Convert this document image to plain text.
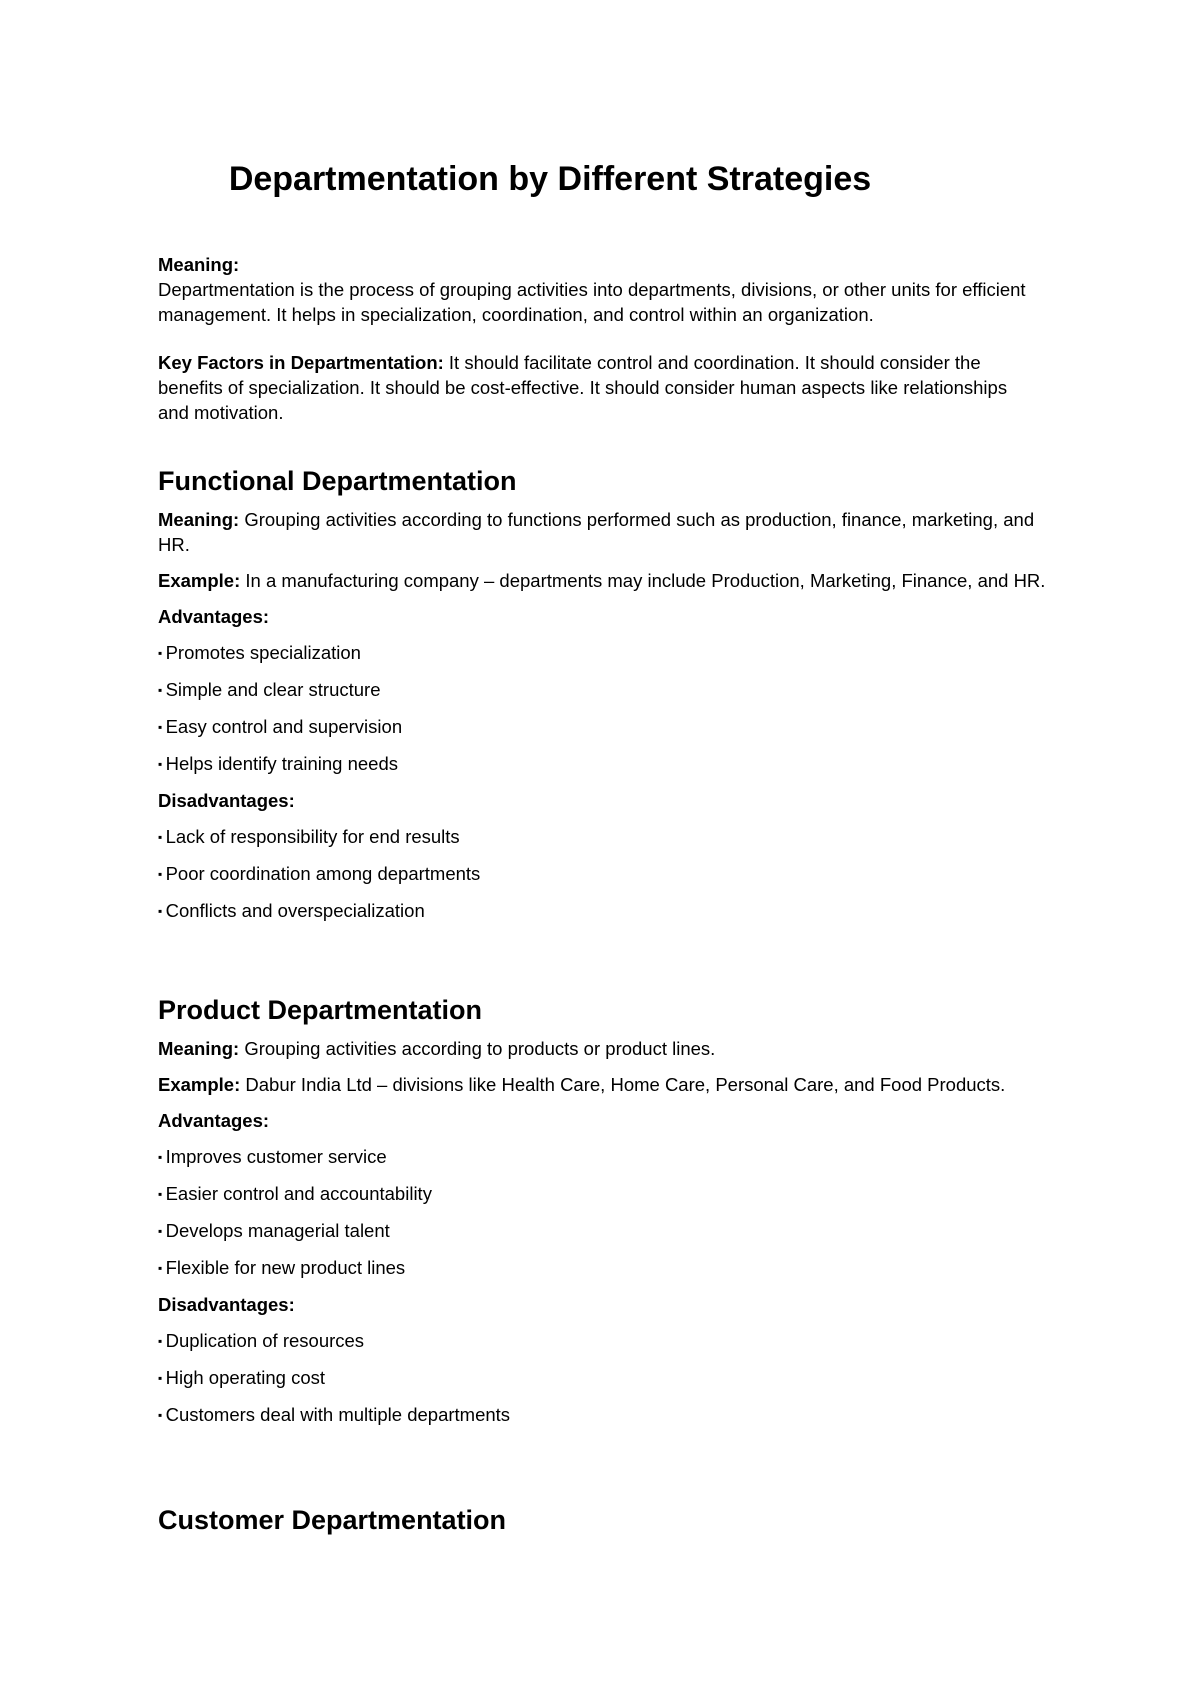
Departmentation by Different Strategies

Meaning:

Departmentation is the process of grouping activities into departments, divisions, or other units for efficient management. It helps in specialization, coordination, and control within an organization.

Key Factors in Departmentation: It should facilitate control and coordination. It should consider the benefits of specialization. It should be cost-effective. It should consider human aspects like relationships and motivation.

Functional Departmentation

Meaning: Grouping activities according to functions performed such as production, finance, marketing, and HR.

Example: In a manufacturing company – departments may include Production, Marketing, Finance, and HR.

Advantages:

▪ Promotes specialization
▪ Simple and clear structure
▪ Easy control and supervision
▪ Helps identify training needs

Disadvantages:

▪ Lack of responsibility for end results
▪ Poor coordination among departments
▪ Conflicts and overspecialization
Product Departmentation

Meaning: Grouping activities according to products or product lines.

Example: Dabur India Ltd – divisions like Health Care, Home Care, Personal Care, and Food Products.

Advantages:

▪ Improves customer service
▪ Easier control and accountability
▪ Develops managerial talent
▪ Flexible for new product lines

Disadvantages:

▪ Duplication of resources
▪ High operating cost
▪ Customers deal with multiple departments
Customer Departmentation
